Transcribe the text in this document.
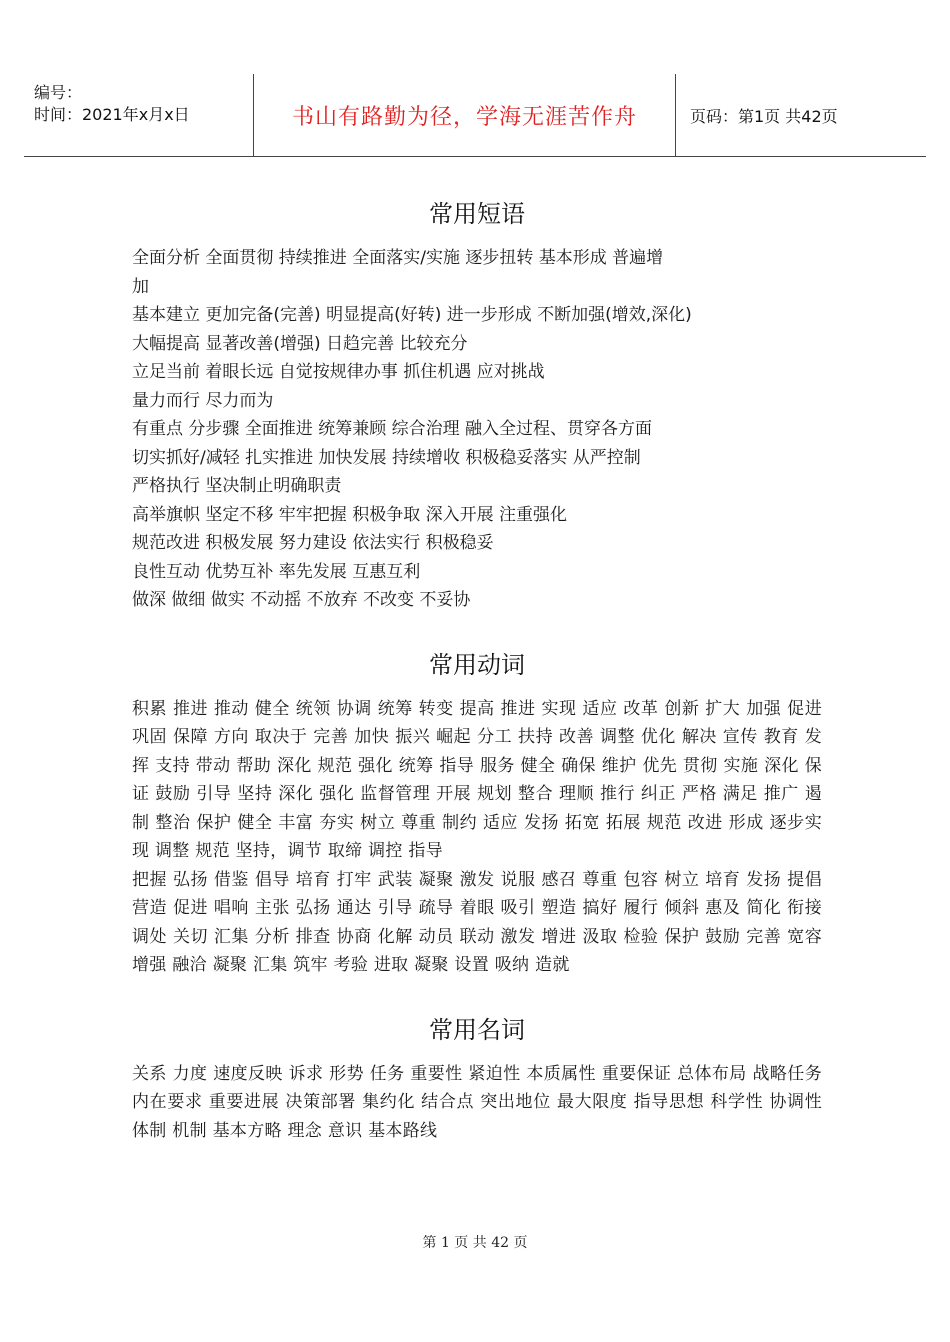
编号：
时间：2021年x月x日	书山有路勤为径，学海无涯苦作舟	页码：第1页 共42页
常用短语
全面分析 全面贯彻 持续推进 全面落实/实施 逐步扭转 基本形成 普遍增
加
基本建立 更加完备(完善) 明显提高(好转) 进一步形成 不断加强(增效,深化)
大幅提高 显著改善(增强) 日趋完善 比较充分
立足当前 着眼长远 自觉按规律办事 抓住机遇 应对挑战
量力而行 尽力而为
有重点 分步骤 全面推进 统筹兼顾 综合治理 融入全过程、贯穿各方面
切实抓好/减轻 扎实推进 加快发展 持续增收 积极稳妥落实 从严控制
严格执行 坚决制止明确职责
高举旗帜 坚定不移 牢牢把握 积极争取 深入开展 注重强化
规范改进 积极发展 努力建设 依法实行 积极稳妥
良性互动 优势互补 率先发展 互惠互利
做深 做细 做实 不动摇 不放弃 不改变 不妥协
常用动词
积累 推进 推动 健全 统领 协调 统筹 转变 提高 推进 实现 适应 改革 创新 扩大 加强 促进 巩固 保障 方向 取决于 完善 加快 振兴 崛起 分工 扶持 改善 调整 优化 解决 宣传 教育 发挥 支持 带动 帮助 深化 规范 强化 统筹 指导 服务 健全 确保 维护 优先 贯彻 实施 深化 保证 鼓励 引导 坚持 深化 强化 监督管理 开展 规划 整合 理顺 推行 纠正 严格 满足 推广 遏制 整治 保护 健全 丰富 夯实 树立 尊重 制约 适应 发扬 拓宽 拓展 规范 改进 形成 逐步实现 调整 规范 坚持，调节 取缔 调控 指导
把握 弘扬 借鉴 倡导 培育 打牢 武装 凝聚 激发 说服 感召 尊重 包容 树立 培育 发扬 提倡 营造 促进 唱响 主张 弘扬 通达 引导 疏导 着眼 吸引 塑造 搞好 履行 倾斜 惠及 简化 衔接 调处 关切 汇集 分析 排查 协商 化解 动员 联动 激发 增进 汲取 检验 保护 鼓励 完善 宽容 增强 融洽 凝聚 汇集 筑牢 考验 进取 凝聚 设置 吸纳 造就
常用名词
关系 力度 速度反映 诉求 形势 任务 重要性 紧迫性 本质属性 重要保证 总体布局 战略任务 内在要求 重要进展 决策部署 集约化 结合点 突出地位 最大限度 指导思想 科学性 协调性 体制 机制 基本方略 理念 意识 基本路线
第 1 页 共 42 页
